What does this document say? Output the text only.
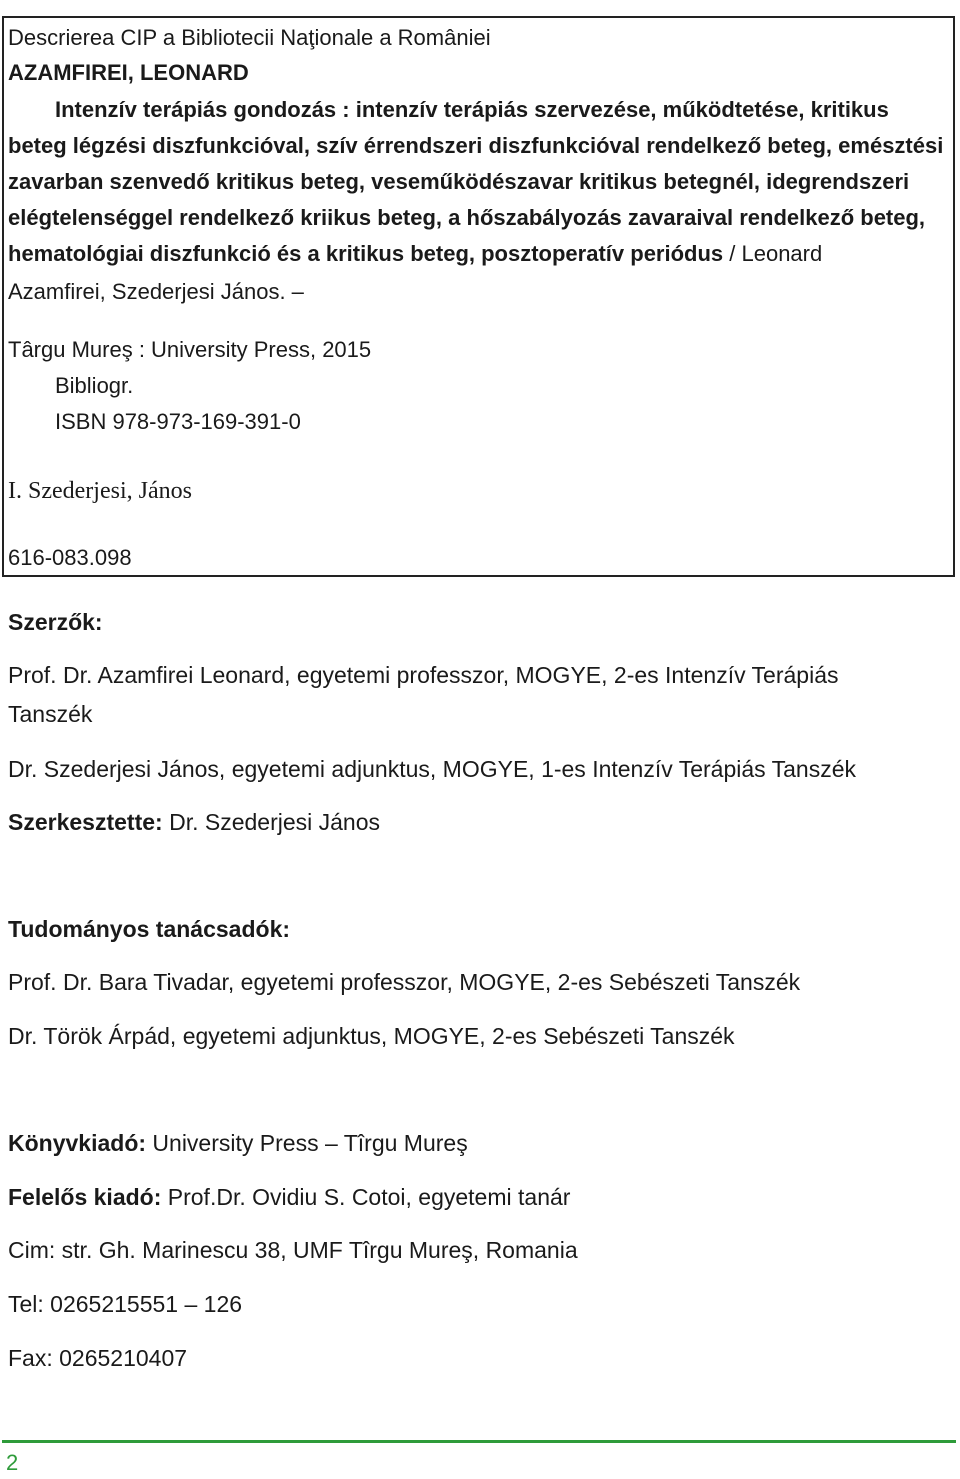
Descrierea CIP a Bibliotecii Naţionale a României
AZAMFIREI, LEONARD
Intenzív terápiás gondozás : intenzív terápiás szervezése, működtetése, kritikus
beteg légzési diszfunkcióval, szív érrendszeri diszfunkcióval rendelkező beteg, emésztési
zavarban szenvedő kritikus beteg, veseműködészavar kritikus betegnél, idegrendszeri
elégtelenséggel rendelkező kriikus beteg, a hőszabályozás zavaraival rendelkező beteg,
hematológiai diszfunkció és a kritikus beteg, posztoperatív periódus / Leonard
Azamfirei, Szederjesi János. –
Târgu Mureş : University Press, 2015
Bibliogr.
ISBN 978-973-169-391-0
I. Szederjesi, János
616-083.098
Szerzők:
Prof. Dr. Azamfirei Leonard, egyetemi professzor, MOGYE, 2-es Intenzív Terápiás
Tanszék
Dr. Szederjesi János, egyetemi adjunktus, MOGYE, 1-es Intenzív Terápiás Tanszék
Szerkesztette: Dr. Szederjesi János
Tudományos tanácsadók:
Prof. Dr. Bara Tivadar, egyetemi professzor, MOGYE, 2-es Sebészeti Tanszék
Dr. Török Árpád, egyetemi adjunktus, MOGYE, 2-es Sebészeti Tanszék
Könyvkiadó: University Press – Tîrgu Mureş
Felelős kiadó: Prof.Dr. Ovidiu S. Cotoi, egyetemi tanár
Cim: str. Gh. Marinescu 38, UMF Tîrgu Mureş, Romania
Tel: 0265215551 – 126
Fax: 0265210407
2
